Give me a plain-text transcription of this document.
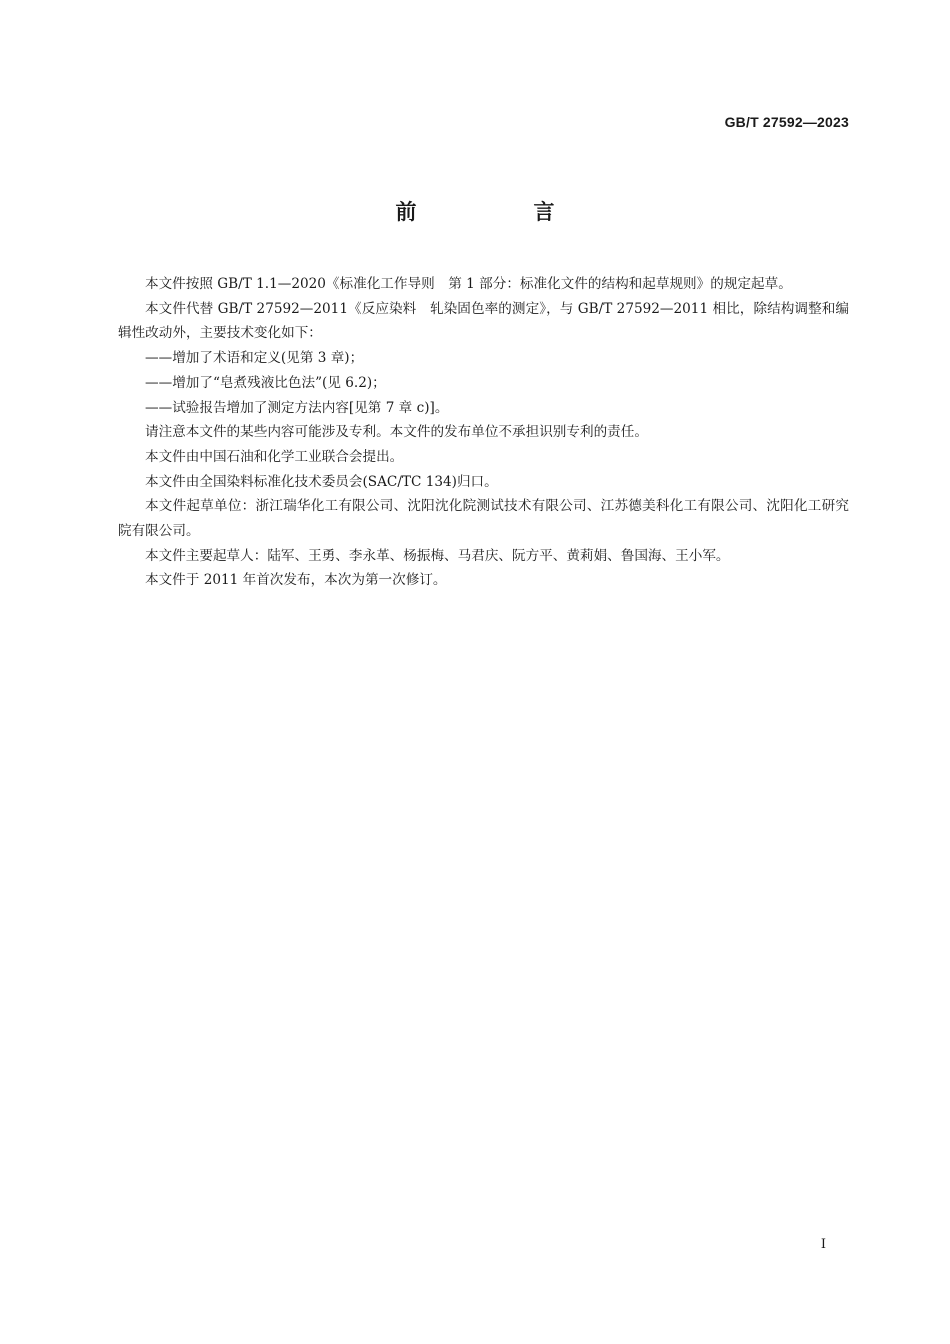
GB/T 27592—2023
前　言

本文件按照 GB/T 1.1—2020《标准化工作导则　第 1 部分：标准化文件的结构和起草规则》的规定起草。

本文件代替 GB/T 27592—2011《反应染料　轧染固色率的测定》，与 GB/T 27592—2011 相比，除结构调整和编辑性改动外，主要技术变化如下：

——增加了术语和定义(见第 3 章)；

——增加了“皂煮残液比色法”(见 6.2)；

——试验报告增加了测定方法内容[见第 7 章 c)]。

请注意本文件的某些内容可能涉及专利。本文件的发布单位不承担识别专利的责任。

本文件由中国石油和化学工业联合会提出。

本文件由全国染料标准化技术委员会(SAC/TC 134)归口。

本文件起草单位：浙江瑞华化工有限公司、沈阳沈化院测试技术有限公司、江苏德美科化工有限公司、沈阳化工研究院有限公司。

本文件主要起草人：陆军、王勇、李永革、杨振梅、马君庆、阮方平、黄莉娟、鲁国海、王小军。

本文件于 2011 年首次发布，本次为第一次修订。

I
